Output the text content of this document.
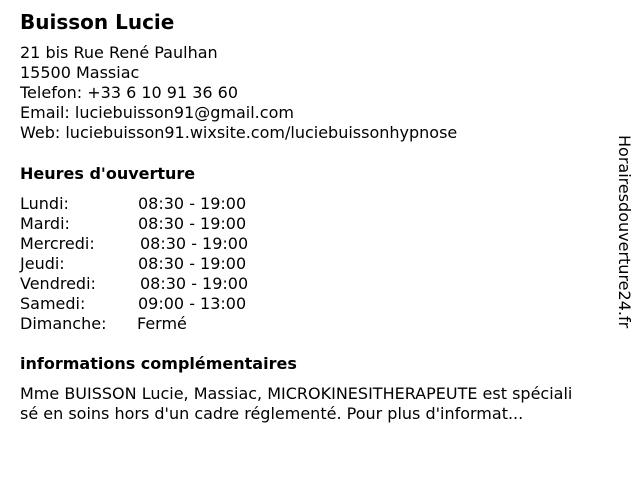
Buisson Lucie
21 bis Rue René Paulhan
15500 Massiac
Telefon: +33 6 10 91 36 60
Email: luciebuisson91@gmail.com
Web: luciebuisson91.wixsite.com/luciebuissonhypnose
Heures d'ouverture
Lundi:	08:30 - 19:00
Mardi:	08:30 - 19:00
Mercredi:	08:30 - 19:00
Jeudi:	08:30 - 19:00
Vendredi:	08:30 - 19:00
Samedi:	09:00 - 13:00
Dimanche: Fermé
informations complémentaires
Mme BUISSON Lucie, Massiac, MICROKINESITHERAPEUTE est spéciali
sé en soins hors d'un cadre réglementé. Pour plus d'informat...
Horairesdouverture24.fr
